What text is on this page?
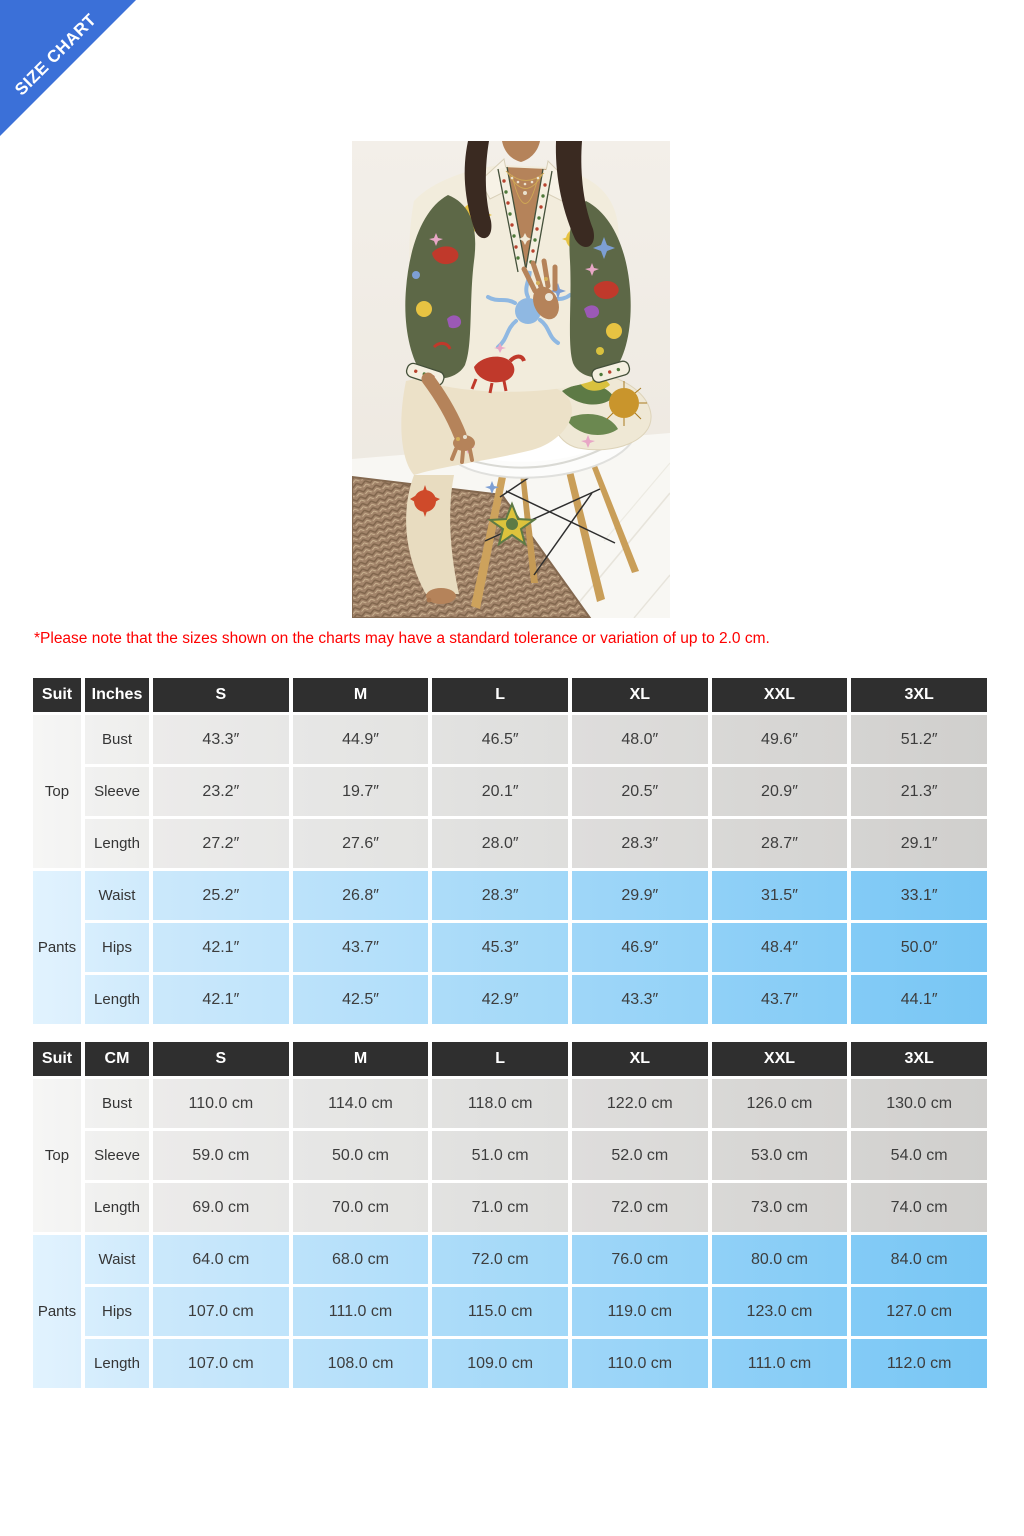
SIZE CHART
*Please note that the sizes shown on the charts may have a standard tolerance or variation of up to 2.0 cm.
Suit	Inches	S	M	L	XL	XXL	3XL
Top	Bust	43.3″	44.9″	46.5″	48.0″	49.6″	51.2″
	Sleeve	23.2″	19.7″	20.1″	20.5″	20.9″	21.3″
	Length	27.2″	27.6″	28.0″	28.3″	28.7″	29.1″
Pants	Waist	25.2″	26.8″	28.3″	29.9″	31.5″	33.1″
	Hips	42.1″	43.7″	45.3″	46.9″	48.4″	50.0″
	Length	42.1″	42.5″	42.9″	43.3″	43.7″	44.1″
Suit	CM	S	M	L	XL	XXL	3XL
Top	Bust	110.0 cm	114.0 cm	118.0 cm	122.0 cm	126.0 cm	130.0 cm
	Sleeve	59.0 cm	50.0 cm	51.0 cm	52.0 cm	53.0 cm	54.0 cm
	Length	69.0 cm	70.0 cm	71.0 cm	72.0 cm	73.0 cm	74.0 cm
Pants	Waist	64.0 cm	68.0 cm	72.0 cm	76.0 cm	80.0 cm	84.0 cm
	Hips	107.0 cm	111.0 cm	115.0 cm	119.0 cm	123.0 cm	127.0 cm
	Length	107.0 cm	108.0 cm	109.0 cm	110.0 cm	111.0 cm	112.0 cm
